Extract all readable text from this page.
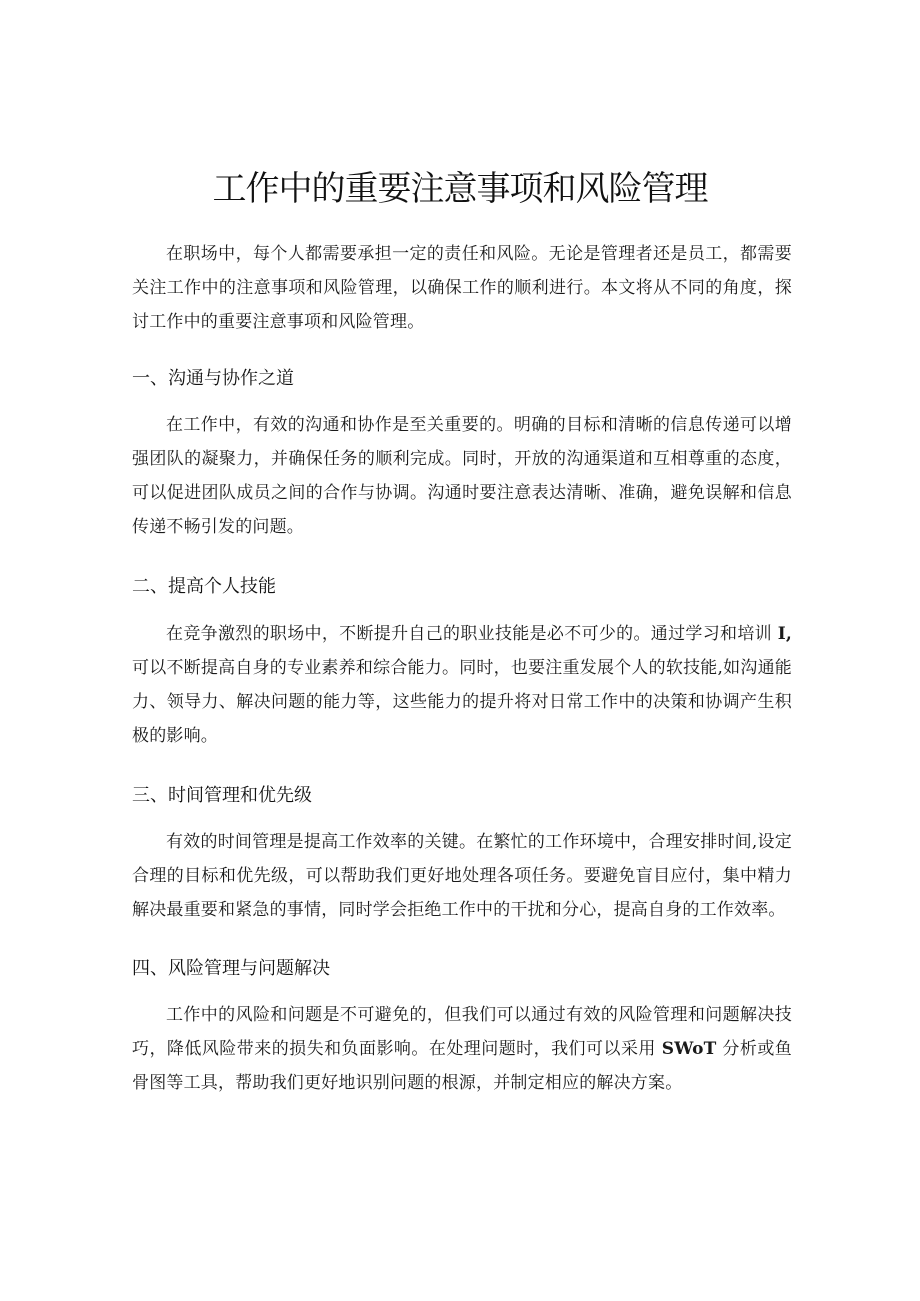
工作中的重要注意事项和风险管理

在职场中，每个人都需要承担一定的责任和风险。无论是管理者还是员工，都需要关注工作中的注意事项和风险管理，以确保工作的顺利进行。本文将从不同的角度，探讨工作中的重要注意事项和风险管理。

一、沟通与协作之道

在工作中，有效的沟通和协作是至关重要的。明确的目标和清晰的信息传递可以增强团队的凝聚力，并确保任务的顺利完成。同时，开放的沟通渠道和互相尊重的态度，可以促进团队成员之间的合作与协调。沟通时要注意表达清晰、准确，避免误解和信息传递不畅引发的问题。

二、提高个人技能

在竞争激烈的职场中，不断提升自己的职业技能是必不可少的。通过学习和培训 I,可以不断提高自身的专业素养和综合能力。同时，也要注重发展个人的软技能,如沟通能力、领导力、解决问题的能力等，这些能力的提升将对日常工作中的决策和协调产生积极的影响。

三、时间管理和优先级

有效的时间管理是提高工作效率的关键。在繁忙的工作环境中，合理安排时间,设定合理的目标和优先级，可以帮助我们更好地处理各项任务。要避免盲目应付，集中精力解决最重要和紧急的事情，同时学会拒绝工作中的干扰和分心，提高自身的工作效率。

四、风险管理与问题解决

工作中的风险和问题是不可避免的，但我们可以通过有效的风险管理和问题解决技巧，降低风险带来的损失和负面影响。在处理问题时，我们可以采用 SWoT 分析或鱼骨图等工具，帮助我们更好地识别问题的根源，并制定相应的解决方案。
